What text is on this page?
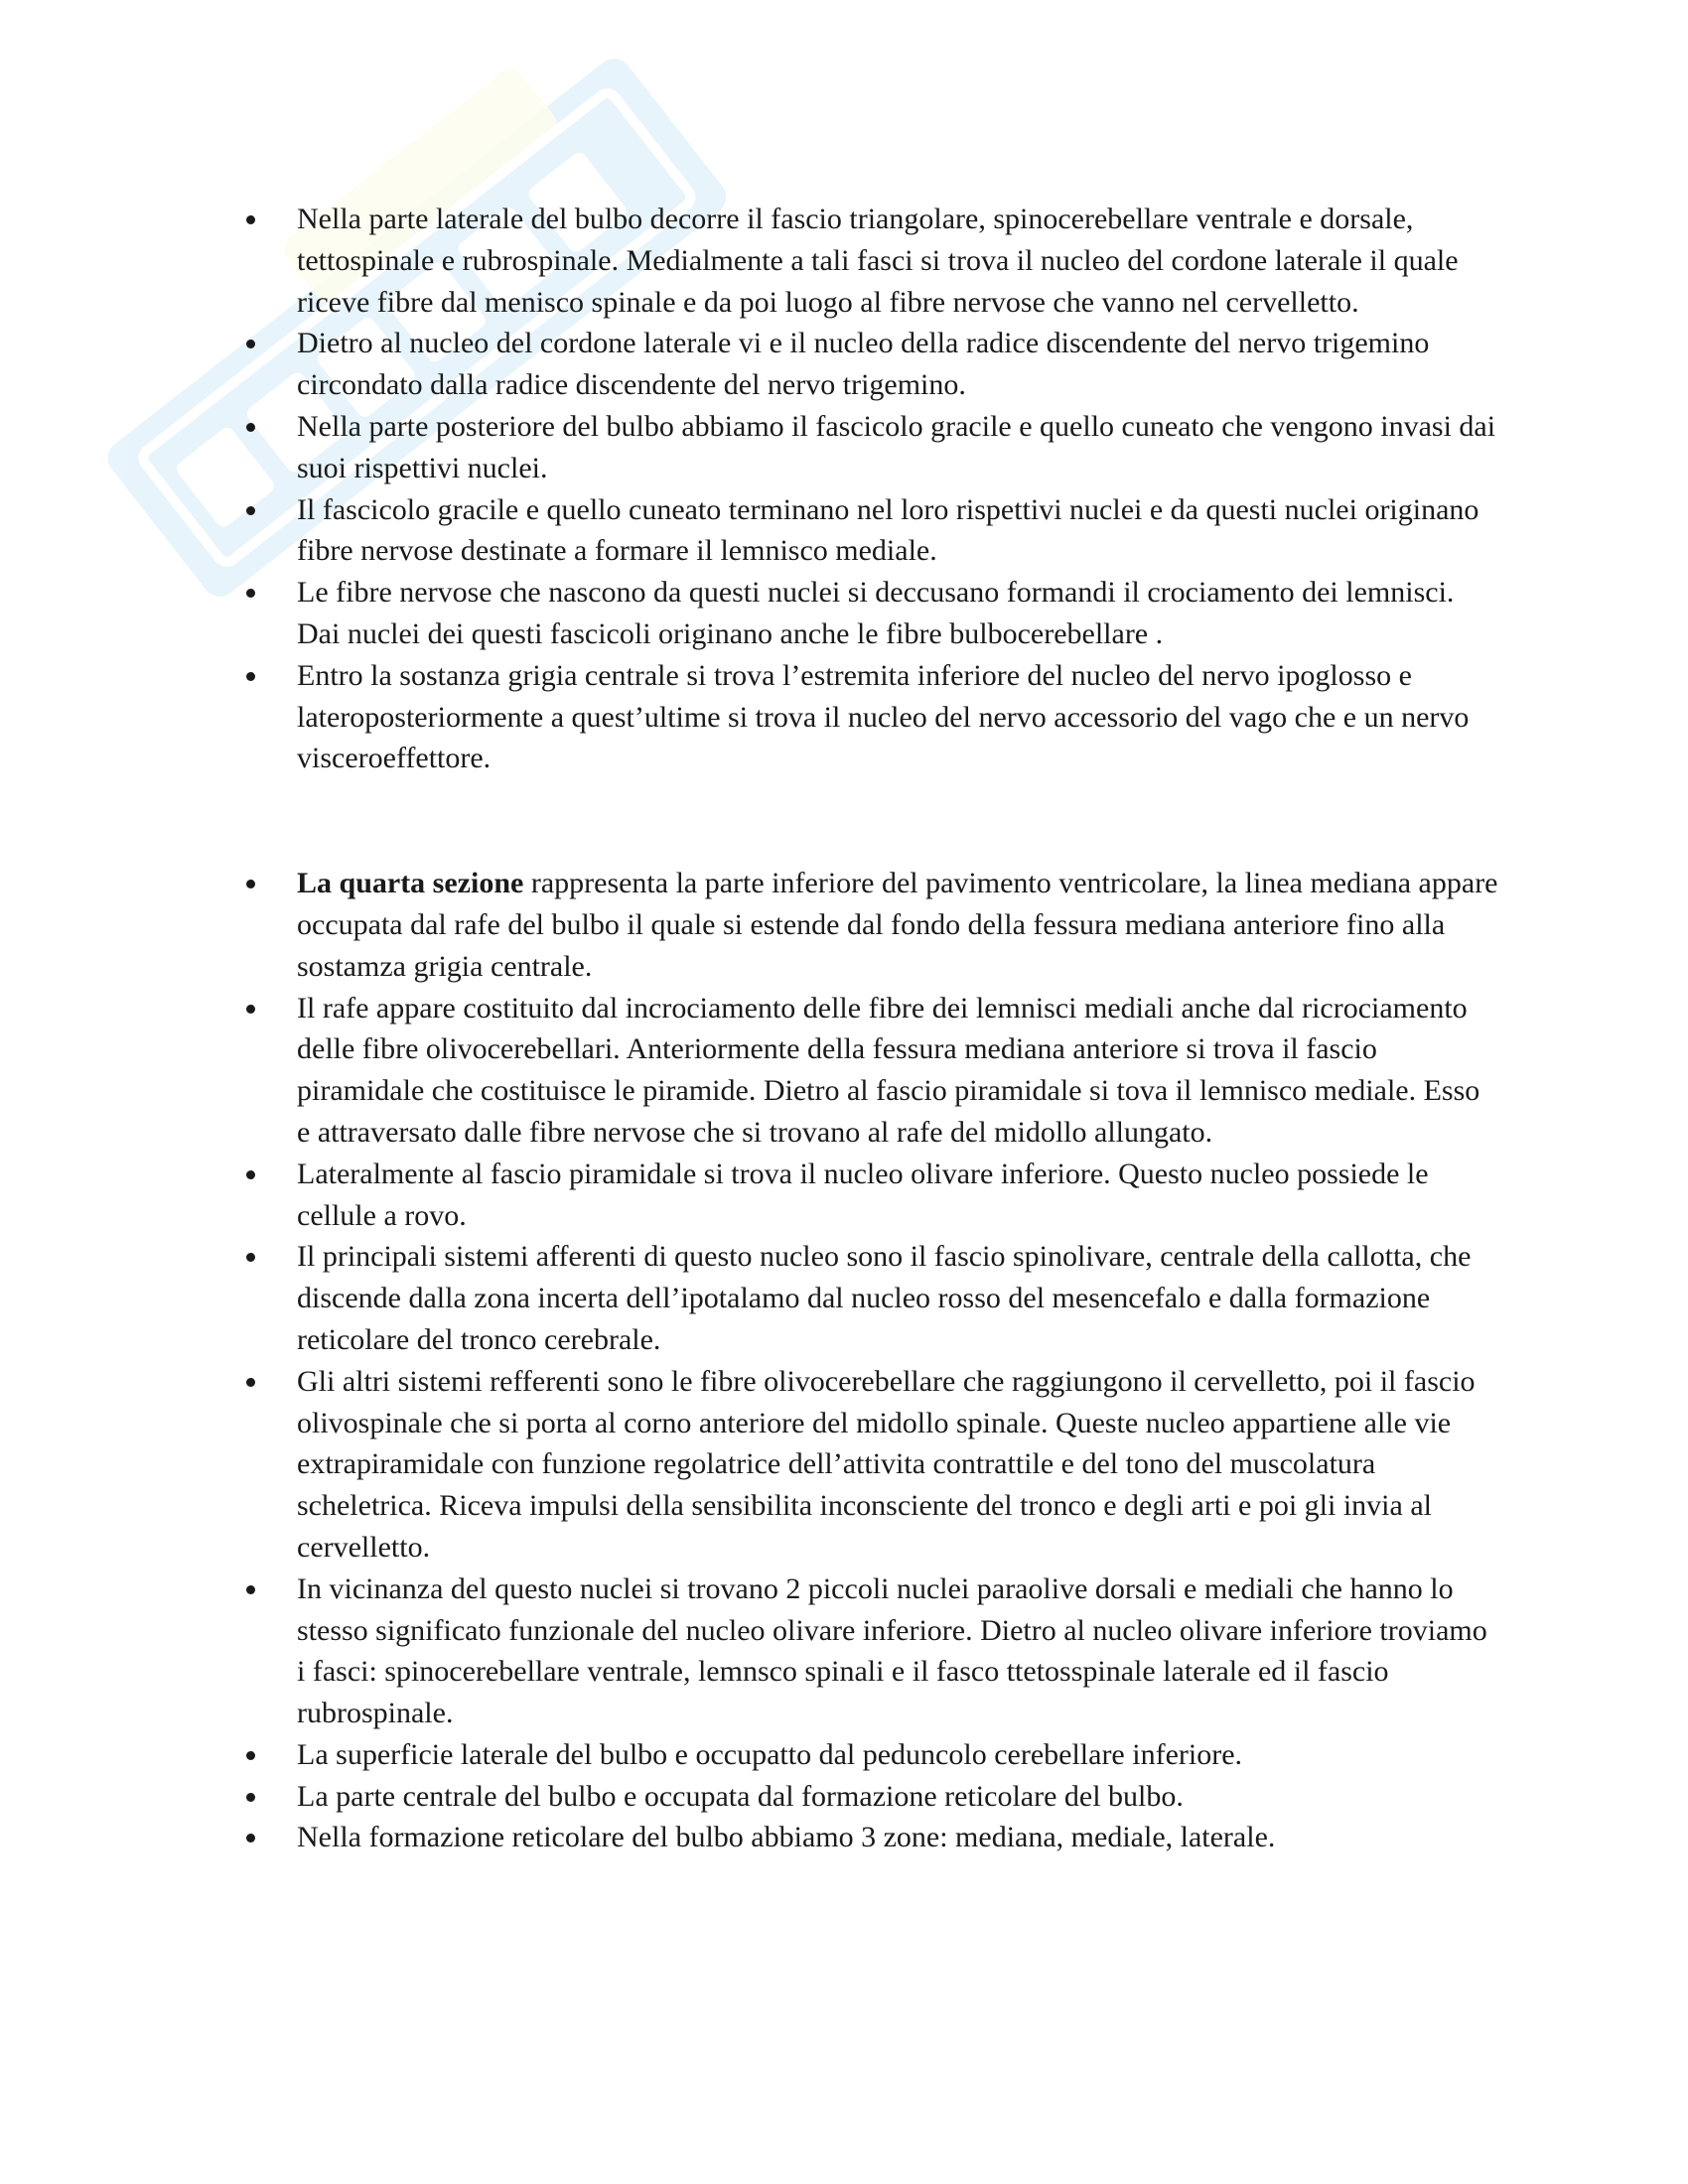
Nella parte laterale del bulbo decorre il fascio triangolare, spinocerebellare ventrale e dorsale, tettospinale e rubrospinale. Medialmente a tali fasci si trova il nucleo del cordone laterale il quale riceve fibre dal menisco spinale e da poi luogo al fibre nervose che vanno nel cervelletto.
Dietro al nucleo del cordone laterale vi e il nucleo della radice discendente del nervo trigemino circondato dalla radice discendente del nervo trigemino.
Nella parte posteriore del bulbo abbiamo il fascicolo gracile e quello cuneato che vengono invasi dai suoi rispettivi nuclei.
Il fascicolo gracile e quello cuneato terminano nel loro rispettivi nuclei e da questi nuclei originano fibre nervose destinate a formare il lemnisco mediale.
Le fibre nervose che nascono da questi nuclei si deccusano formandi il crociamento dei lemnisci. Dai nuclei dei questi fascicoli originano anche le fibre bulbocerebellare .
Entro la sostanza grigia centrale si trova l’estremita inferiore del nucleo del nervo ipoglosso e lateroposteriormente a quest’ultime si trova il nucleo del nervo accessorio del vago che e un nervo visceroeffettore.
La quarta sezione rappresenta la parte inferiore del pavimento ventricolare, la linea mediana appare occupata dal rafe del bulbo il quale si estende dal fondo della fessura mediana anteriore fino alla sostamza grigia centrale.
Il rafe appare costituito dal incrociamento delle fibre dei lemnisci mediali anche dal ricrociamento delle fibre olivocerebellari. Anteriormente della fessura mediana anteriore si trova il fascio piramidale che costituisce le piramide. Dietro al fascio piramidale si tova il lemnisco mediale. Esso e attraversato dalle fibre nervose che si trovano al rafe del midollo allungato.
Lateralmente al fascio piramidale si trova il nucleo olivare inferiore. Questo nucleo possiede le cellule a rovo.
Il principali sistemi afferenti di questo nucleo sono il fascio spinolivare, centrale della callotta, che discende dalla zona incerta dell’ipotalamo dal nucleo rosso del mesencefalo e dalla formazione reticolare del tronco cerebrale.
Gli altri sistemi refferenti sono le fibre olivocerebellare che raggiungono il cervelletto, poi il fascio olivospinale che si porta al corno anteriore del midollo spinale. Queste nucleo appartiene alle vie extrapiramidale con funzione regolatrice dell’attivita contrattile e del tono del muscolatura scheletrica. Riceva impulsi della sensibilita inconsciente del tronco e degli arti e poi gli invia al cervelletto.
In vicinanza del questo nuclei si trovano 2 piccoli nuclei paraolive dorsali e mediali che hanno lo stesso significato funzionale del nucleo olivare inferiore. Dietro al nucleo olivare inferiore troviamo i fasci: spinocerebellare ventrale, lemnsco spinali e il fasco ttetosspinale laterale ed il fascio rubrospinale.
La superficie laterale del bulbo e occupatto dal peduncolo cerebellare inferiore.
La parte centrale del bulbo e occupata dal formazione reticolare del bulbo.
Nella formazione reticolare del bulbo abbiamo 3 zone: mediana, mediale, laterale.
